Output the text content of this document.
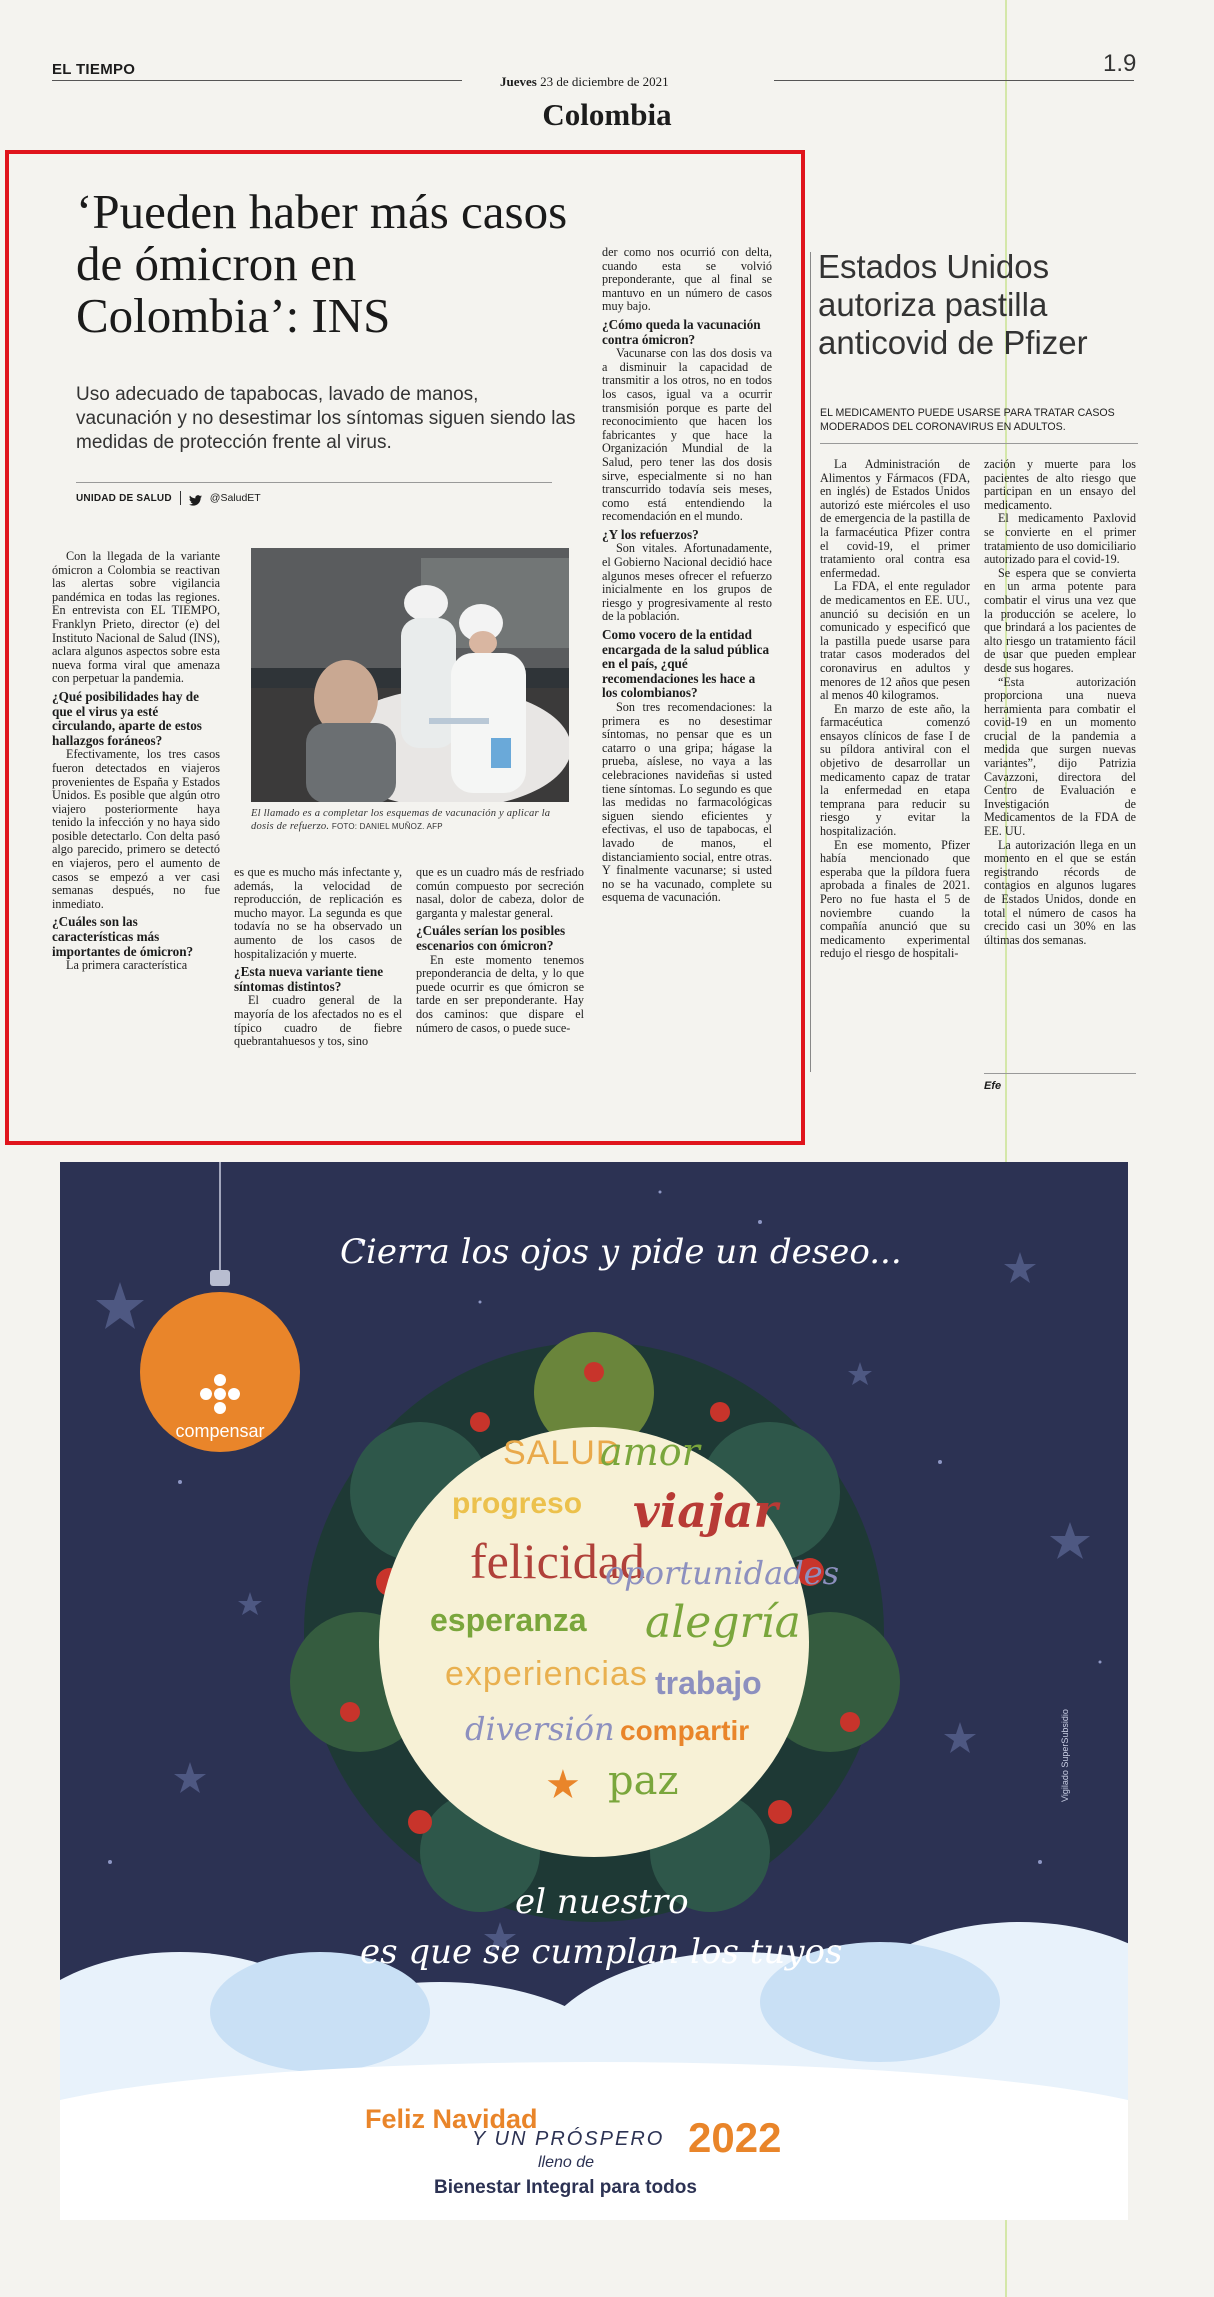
EL TIEMPO
Jueves 23 de diciembre de 2021
1.9
Colombia
‘Pueden haber más casos de ómicron en Colombia’: INS
Uso adecuado de tapabocas, lavado de manos, vacunación y no desestimar los síntomas siguen siendo las medidas de protección frente al virus.
UNIDAD DE SALUD	@SaludET
El llamado es a completar los esquemas de vacunación y aplicar la dosis de refuerzo. FOTO: DANIEL MUÑOZ. AFP

Con la llegada de la variante ómicron a Colombia se reactivan las alertas sobre vigilancia pandémica en todas las regiones. En entrevista con EL TIEMPO, Franklyn Prieto, director (e) del Instituto Nacional de Salud (INS), aclara algunos aspectos sobre esta nueva forma viral que amenaza con perpetuar la pandemia.

¿Qué posibilidades hay de que el virus ya esté circulando, aparte de estos hallazgos foráneos?

Efectivamente, los tres casos fueron detectados en viajeros provenientes de España y Estados Unidos. Es posible que algún otro viajero posteriormente haya tenido la infección y no haya sido posible detectarlo. Con delta pasó algo parecido, primero se detectó en viajeros, pero el aumento de casos se empezó a ver casi semanas después, no fue inmediato.

¿Cuáles son las características más importantes de ómicron?

La primera característica

es que es mucho más infectante y, además, la velocidad de reproducción, de replicación es mucho mayor. La segunda es que todavía no se ha observado un aumento de los casos de hospitalización y muerte.

¿Esta nueva variante tiene síntomas distintos?

El cuadro general de la mayoría de los afectados no es el típico cuadro de fiebre quebrantahuesos y tos, sino

que es un cuadro más de resfriado común compuesto por secreción nasal, dolor de cabeza, dolor de garganta y malestar general.

¿Cuáles serían los posibles escenarios con ómicron?

En este momento tenemos preponderancia de delta, y lo que puede ocurrir es que ómicron se tarde en ser preponderante. Hay dos caminos: que dispare el número de casos, o puede suce-

der como nos ocurrió con delta, cuando esta se volvió preponderante, que al final se mantuvo en un número de casos muy bajo.

¿Cómo queda la vacunación contra ómicron?

Vacunarse con las dos dosis va a disminuir la capacidad de transmitir a los otros, no en todos los casos, igual va a ocurrir transmisión porque es parte del reconocimiento que hacen los fabricantes y que hace la Organización Mundial de la Salud, pero tener las dos dosis sirve, especialmente si no han transcurrido todavía seis meses, como está entendiendo la recomendación en el mundo.

¿Y los refuerzos?

Son vitales. Afortunadamente, el Gobierno Nacional decidió hace algunos meses ofrecer el refuerzo inicialmente en los grupos de riesgo y progresivamente al resto de la población.

Como vocero de la entidad encargada de la salud pública en el país, ¿qué recomendaciones les hace a los colombianos?

Son tres recomendaciones: la primera es no desestimar síntomas, no pensar que es un catarro o una gripa; hágase la prueba, aíslese, no vaya a las celebraciones navideñas si usted tiene síntomas. Lo segundo es que las medidas no farmacológicas siguen siendo eficientes y efectivas, el uso de tapabocas, el lavado de manos, el distanciamiento social, entre otras. Y finalmente vacunarse; si usted no se ha vacunado, complete su esquema de vacunación.

Estados Unidos autoriza pastilla anticovid de Pfizer
EL MEDICAMENTO PUEDE USARSE PARA TRATAR CASOS MODERADOS DEL CORONAVIRUS EN ADULTOS.

La Administración de Alimentos y Fármacos (FDA, en inglés) de Estados Unidos autorizó este miércoles el uso de emergencia de la pastilla de la farmacéutica Pfizer contra el covid-19, el primer tratamiento oral contra esa enfermedad.

La FDA, el ente regulador de medicamentos en EE. UU., anunció su decisión en un comunicado y especificó que la pastilla puede usarse para tratar casos moderados del coronavirus en adultos y menores de 12 años que pesen al menos 40 kilogramos.

En marzo de este año, la farmacéutica comenzó ensayos clínicos de fase I de su píldora antiviral con el objetivo de desarrollar un medicamento capaz de tratar la enfermedad en etapa temprana para reducir su riesgo y evitar la hospitalización.

En ese momento, Pfizer había mencionado que esperaba que la píldora fuera aprobada a finales de 2021. Pero no fue hasta el 5 de noviembre cuando la compañía anunció que su medicamento experimental redujo el riesgo de hospitali-

zación y muerte para los pacientes de alto riesgo que participan en un ensayo del medicamento.

El medicamento Paxlovid se convierte en el primer tratamiento de uso domiciliario autorizado para el covid-19.

Se espera que se convierta en un arma potente para combatir el virus una vez que la producción se acelere, lo que brindará a los pacientes de alto riesgo un tratamiento fácil de usar que pueden emplear desde sus hogares.

“Esta autorización proporciona una nueva herramienta para combatir el covid-19 en un momento crucial de la pandemia a medida que surgen nuevas variantes”, dijo Patrizia Cavazzoni, directora del Centro de Evaluación e Investigación de Medicamentos de la FDA de EE. UU.

La autorización llega en un momento en el que se están registrando récords de contagios en algunos lugares de Estados Unidos, donde en total el número de casos ha crecido casi un 30% en las últimas dos semanas.

Efe
Cierra los ojos y pide un deseo...
compensar
SALUD
amor
progreso viajar
felicidad
oportunidades
esperanza alegría
experiencias trabajo
diversión compartir
paz
★
el nuestro
es que se cumplan los tuyos
Feliz Navidad
Y UN PRÓSPERO 2022
lleno de
Bienestar Integral para todos
Vigilado SuperSubsidio
